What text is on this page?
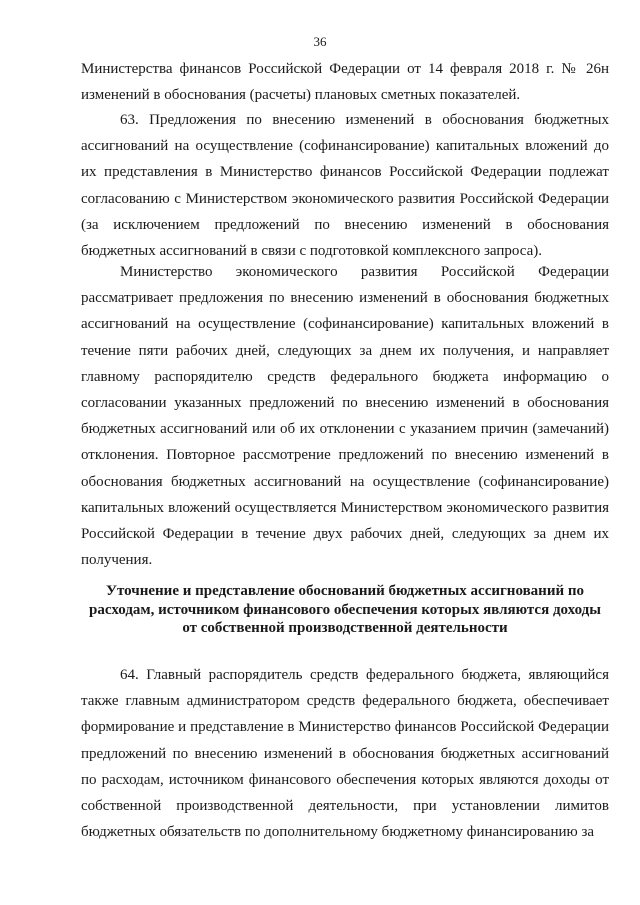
36

Министерства финансов Российской Федерации от 14 февраля 2018 г. № 26н изменений в обоснования (расчеты) плановых сметных показателей.

63. Предложения по внесению изменений в обоснования бюджетных ассигнований на осуществление (софинансирование) капитальных вложений до их представления в Министерство финансов Российской Федерации подлежат согласованию с Министерством экономического развития Российской Федерации (за исключением предложений по внесению изменений в обоснования бюджетных ассигнований в связи с подготовкой комплексного запроса).

Министерство экономического развития Российской Федерации рассматривает предложения по внесению изменений в обоснования бюджетных ассигнований на осуществление (софинансирование) капитальных вложений в течение пяти рабочих дней, следующих за днем их получения, и направляет главному распорядителю средств федерального бюджета информацию о согласовании указанных предложений по внесению изменений в обоснования бюджетных ассигнований или об их отклонении с указанием причин (замечаний) отклонения. Повторное рассмотрение предложений по внесению изменений в обоснования бюджетных ассигнований на осуществление (софинансирование) капитальных вложений осуществляется Министерством экономического развития Российской Федерации в течение двух рабочих дней, следующих за днем их получения.

Уточнение и представление обоснований бюджетных ассигнований по
расходам, источником финансового обеспечения которых являются доходы
от собственной производственной деятельности

64. Главный распорядитель средств федерального бюджета, являющийся также главным администратором средств федерального бюджета, обеспечивает формирование и представление в Министерство финансов Российской Федерации предложений по внесению изменений в обоснования бюджетных ассигнований по расходам, источником финансового обеспечения которых являются доходы от собственной производственной деятельности, при установлении лимитов бюджетных обязательств по дополнительному бюджетному финансированию за
